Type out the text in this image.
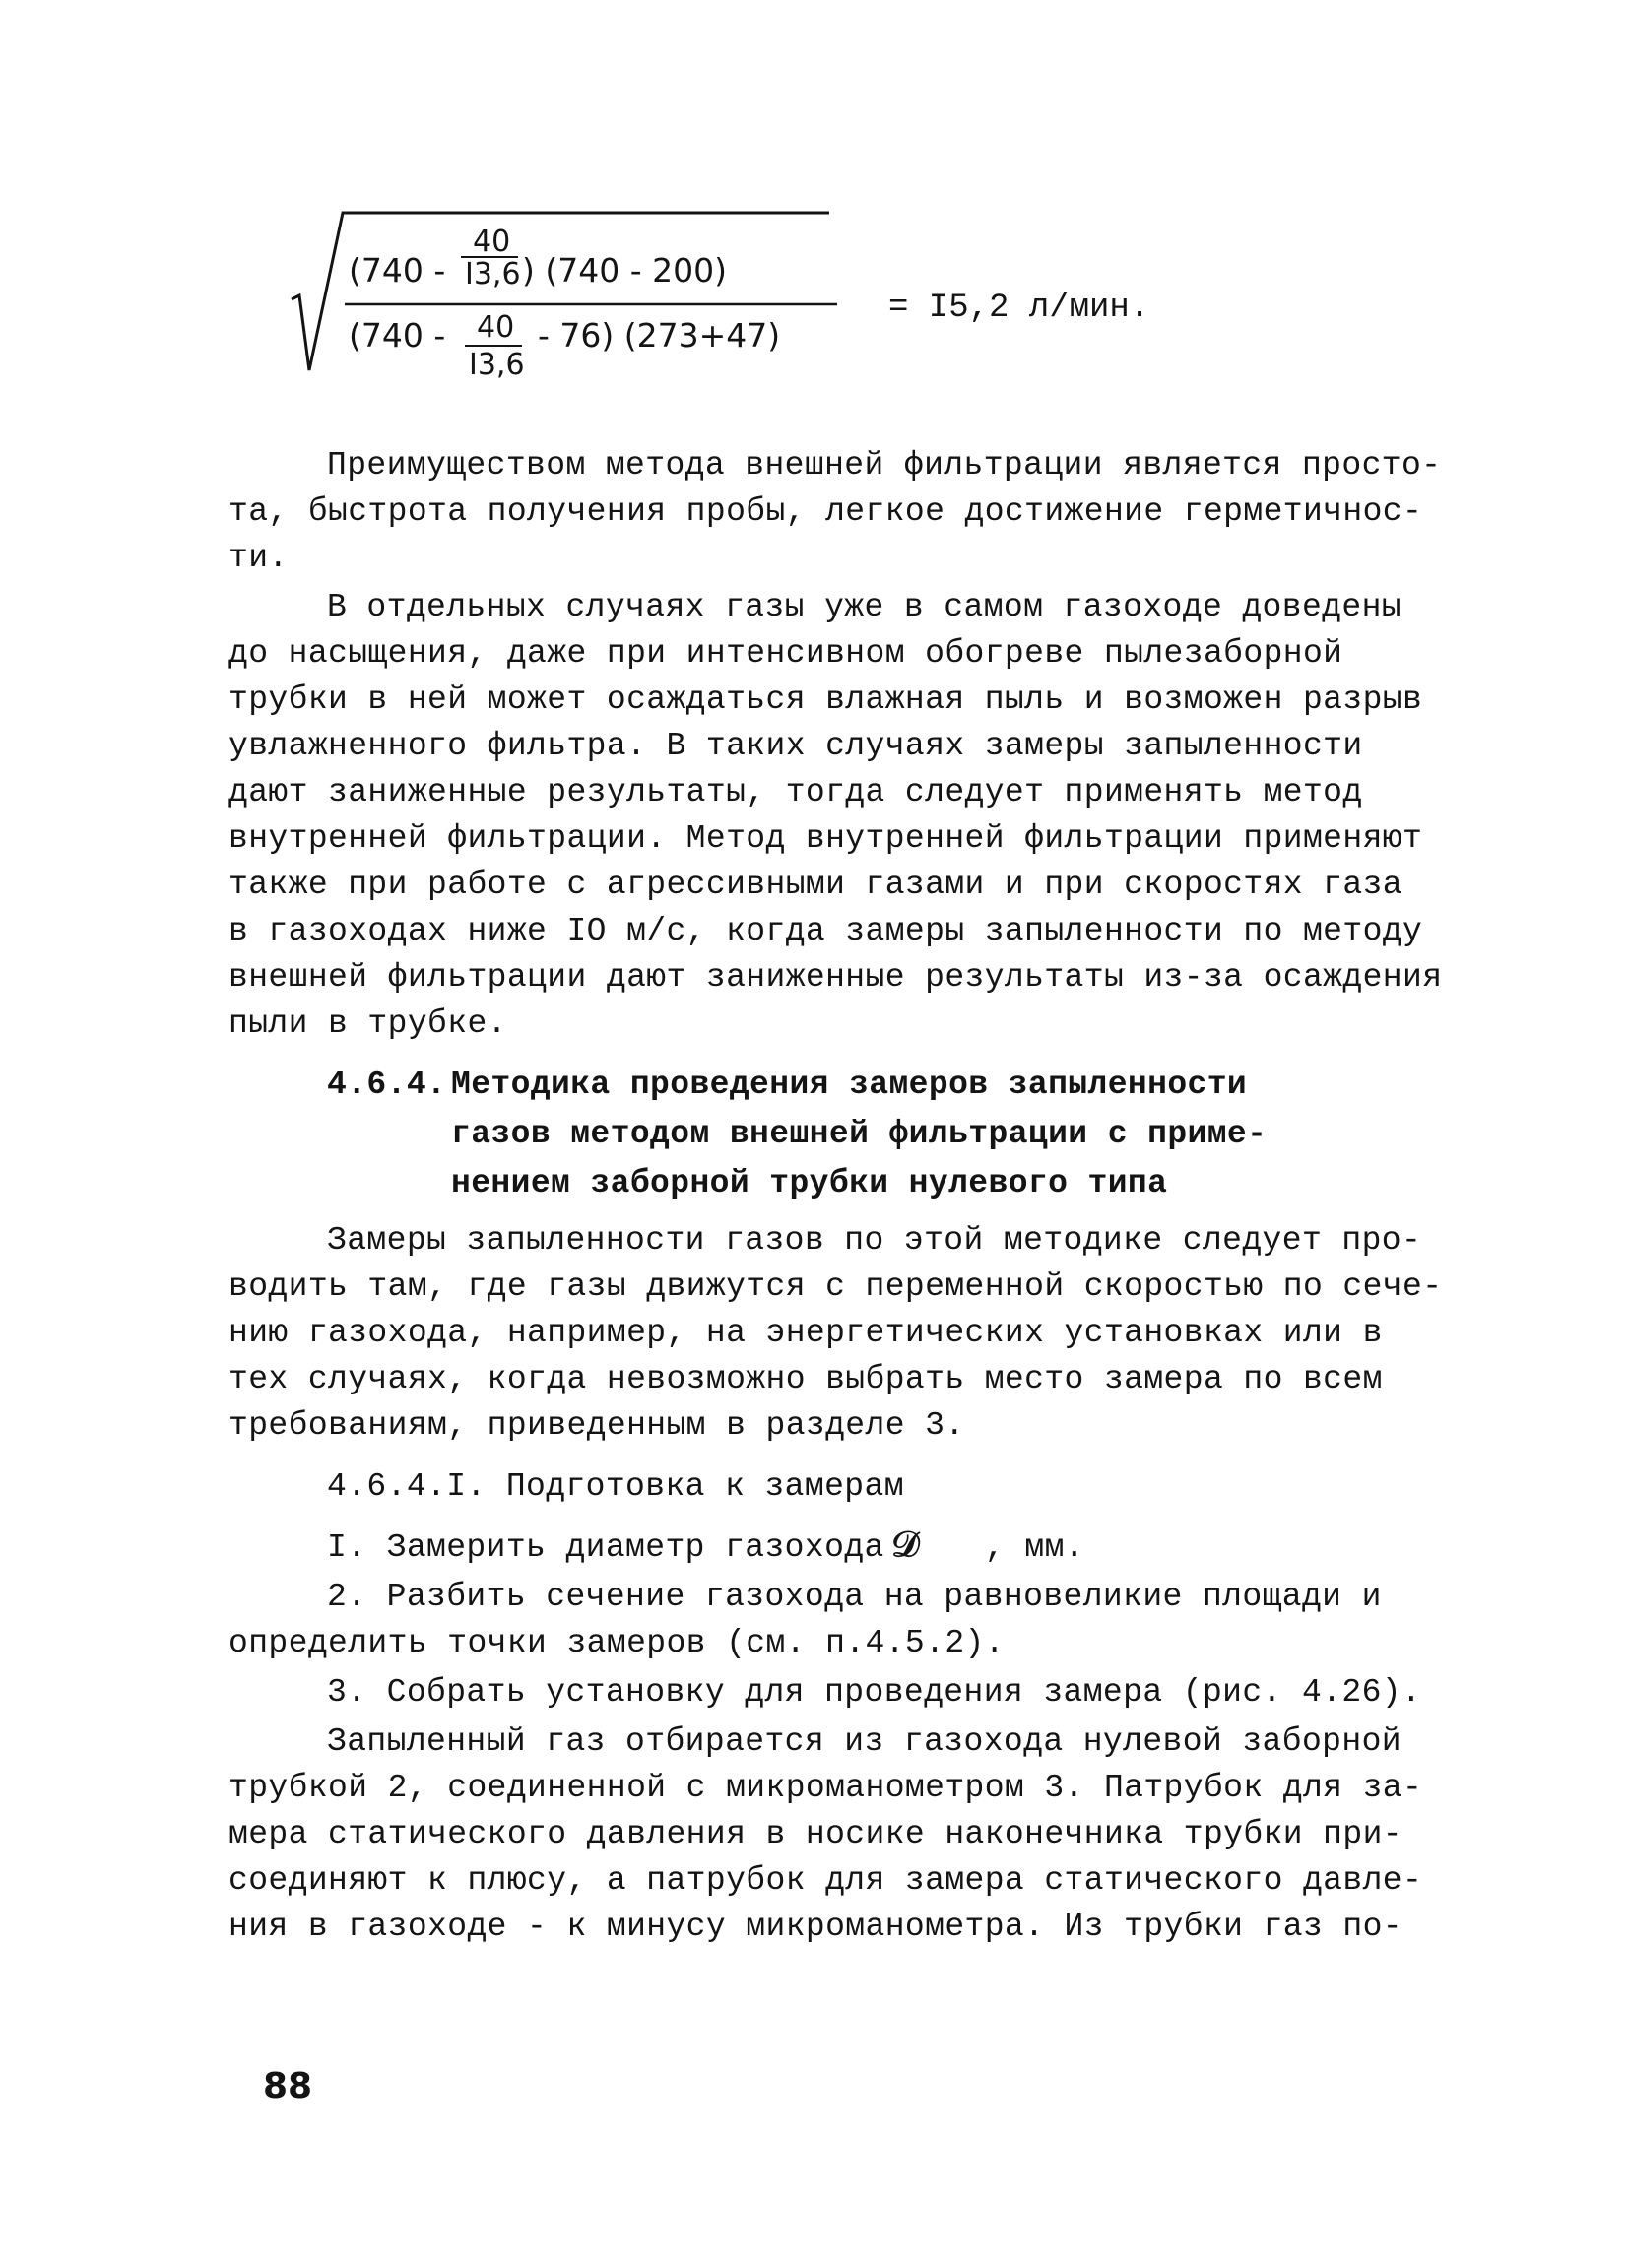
(740 -
40
I3,6 ) (740 - 200)
(740 - 40
I3,6
- 76) (273+47)
= I5,2 л/мин.
Преимуществом метода внешней фильтрации является просто-
та, быстрота получения пробы, легкое достижение герметичнос-
ти.
В отдельных случаях газы уже в самом газоходе доведены
до насыщения, даже при интенсивном обогреве пылезаборной
трубки в ней может осаждаться влажная пыль и возможен разрыв
увлажненного фильтра. В таких случаях замеры запыленности
дают заниженные результаты, тогда следует применять метод
внутренней фильтрации. Метод внутренней фильтрации применяют
также при работе с агрессивными газами и при скоростях газа
в газоходах ниже IO м/с, когда замеры запыленности по методу
внешней фильтрации дают заниженные результаты из-за осаждения
пыли в трубке.
4.6.4. Методика проведения замеров запыленности
газов методом внешней фильтрации с приме-
нением заборной трубки нулевого типа
Замеры запыленности газов по этой методике следует про-
водить там, где газы движутся с переменной скоростью по сече-
нию газохода, например, на энергетических установках или в
тех случаях, когда невозможно выбрать место замера по всем
требованиям, приведенным в разделе 3.
4.6.4.I. Подготовка к замерам
I. Замерить диаметр газохода 𝒟 , мм.
2. Разбить сечение газохода на равновеликие площади и
определить точки замеров (см. п.4.5.2).
3. Собрать установку для проведения замера (рис. 4.26).
Запыленный газ отбирается из газохода нулевой заборной
трубкой 2, соединенной с микроманометром 3. Патрубок для за-
мера статического давления в носике наконечника трубки при-
соединяют к плюсу, а патрубок для замера статического давле-
ния в газоходе - к минусу микроманометра. Из трубки газ по-
88
